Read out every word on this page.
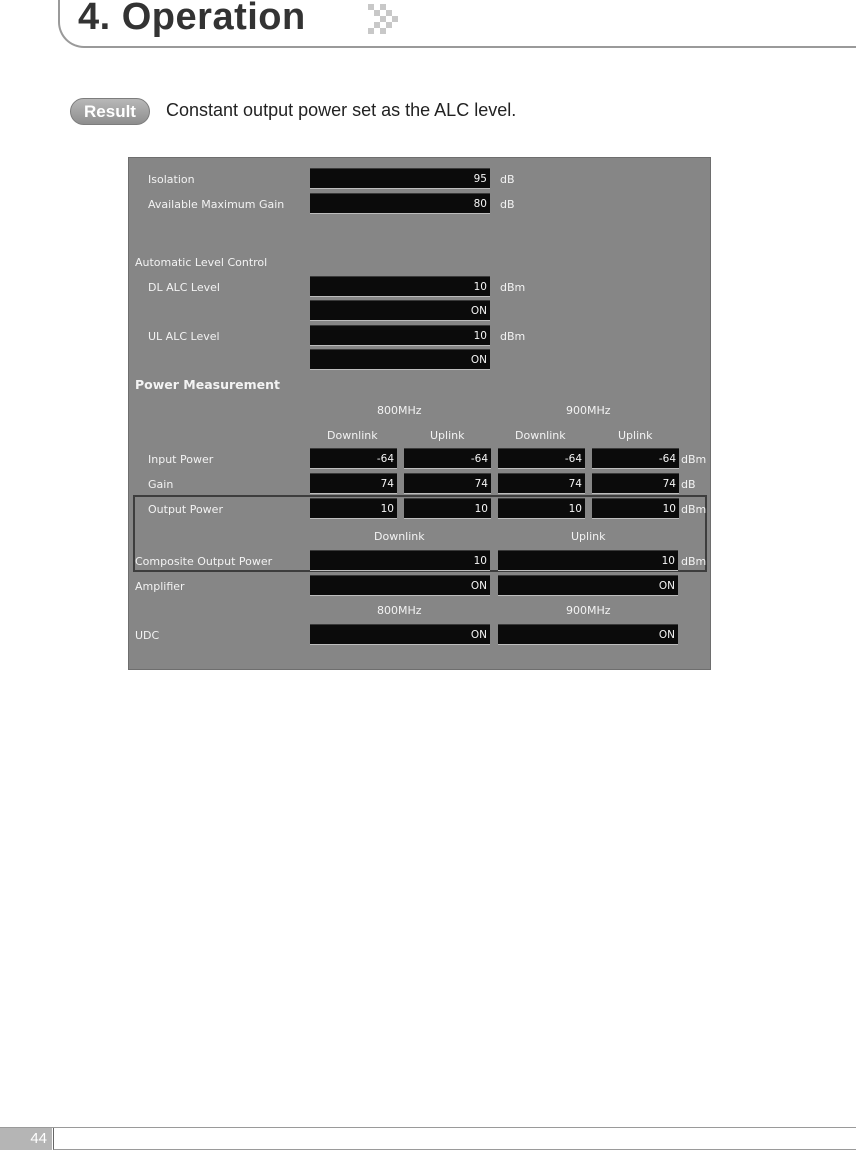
4. Operation
Result	Constant output power set as the ALC level.
Isolation	95 dB
Available Maximum Gain	80 dB
Automatic Level Control
DL ALC Level	10 dBm
ON
UL ALC Level	10 dBm
ON
Power Measurement
800MHz	900MHz
Downlink	Uplink	Downlink	Uplink
Input Power	-64	-64	-64	-64 dBm
Gain	74	74	74	74 dB
Output Power	10	10	10	10 dBm
Downlink	Uplink
Composite Output Power	10	10 dBm
Amplifier	ON	ON
800MHz	900MHz
UDC	ON	ON
44
